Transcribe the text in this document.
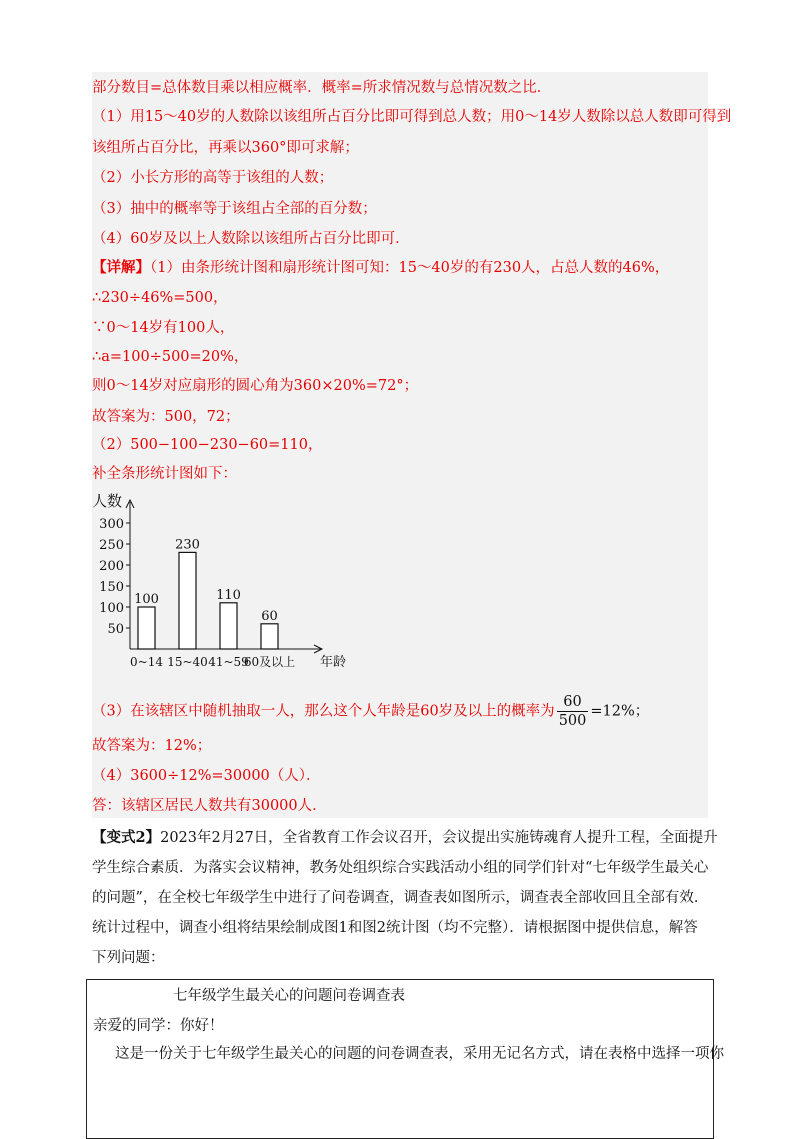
部分数目=总体数目乘以相应概率．概率=所求情况数与总情况数之比．
（1）用15～40岁的人数除以该组所占百分比即可得到总人数；用0～14岁人数除以总人数即可得到
该组所占百分比，再乘以360°即可求解；
（2）小长方形的高等于该组的人数；
（3）抽中的概率等于该组占全部的百分数；
（4）60岁及以上人数除以该组所占百分比即可．
【详解】（1）由条形统计图和扇形统计图可知：15～40岁的有230人，占总人数的46%，
∴230÷46%=500，
∵0～14岁有100人，
∴a=100÷500=20%，
则0～14岁对应扇形的圆心角为360×20%=72°；
故答案为：500，72；
（2）500−100−230−60=110，
补全条形统计图如下：
人数
年龄
300
250
200
150
100
50
100
0~14
230
15~40
110
41~59
60
60及以上
（3）在该辖区中随机抽取一人，那么这个人年龄是60岁及以上的概率为 $\frac{60}{500} =12\%$；
故答案为：12%；
（4）3600÷12%=30000（人）．
答：该辖区居民人数共有30000人．
【变式2】2023年2月27日，全省教育工作会议召开，会议提出实施铸魂育人提升工程，全面提升
学生综合素质．为落实会议精神，教务处组织综合实践活动小组的同学们针对“七年级学生最关心
的问题”，在全校七年级学生中进行了问卷调查，调查表如图所示，调查表全部收回且全部有效．
统计过程中，调查小组将结果绘制成图1和图2统计图（均不完整）．请根据图中提供信息，解答
下列问题：
七年级学生最关心的问题问卷调查表
亲爱的同学：你好！
这是一份关于七年级学生最关心的问题的问卷调查表，采用无记名方式，请在表格中选择一项你
